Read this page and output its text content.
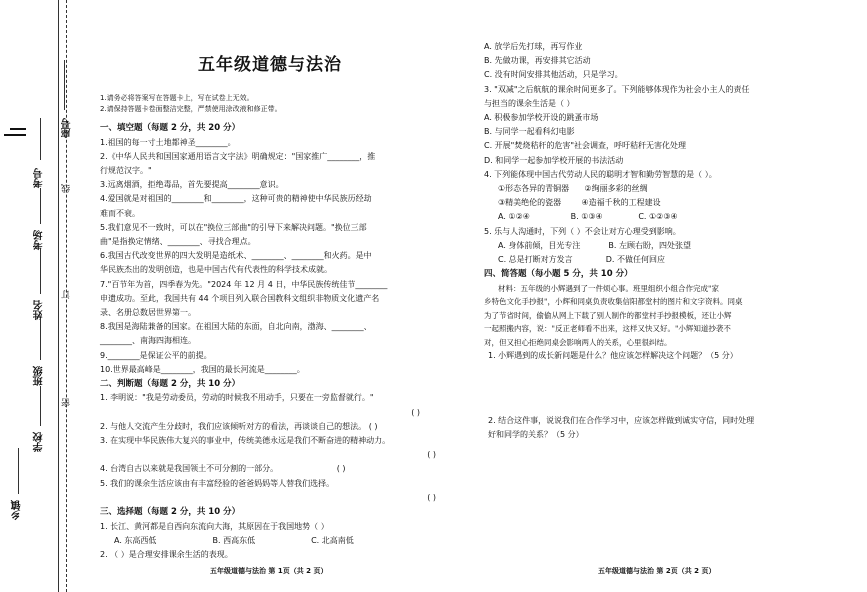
座号
考号
线
考场
姓名
订
班级
密
学校
乡镇
五年级道德与法治
1.请务必将答案写在答题卡上，写在试卷上无效。
2.请保持答题卡卷面整洁完整，严禁使用涂改液和修正带。
一、填空题（每题 2 分，共 20 分）
1.祖国的每一寸土地都神圣________。
2.《中华人民共和国国家通用语言文字法》明确规定："国家推广________，推
行规范汉字。"
3.远离烟酒，拒绝毒品，首先要提高________意识。
4.爱国就是对祖国的________和________，这种可贵的精神使中华民族历经劫
难而不衰。
5.我们意见不一致时，可以在"换位三部曲"的引导下来解决问题。"换位三部
曲"是指换定情绪、________、寻找合理点。
6.我国古代改变世界的四大发明是造纸术、________、________和火药。是中
华民族杰出的发明创造，也是中国古代有代表性的科学技术成就。
7."百节年为首，四季春为先。"2024 年 12 月 4 日，中华民族传统佳节________
申遗成功。至此，我国共有 44 个项目列入联合国教科文组织非物质文化遗产名
录、名册总数居世界第一。
8.我国是海陆兼备的国家。在祖国大陆的东面，自北向南，渤海、________、
________、南海四海相连。
9.________是保证公平的前提。
10.世界最高峰是________，我国的最长河流是________。
二、判断题（每题 2 分，共 10 分）
1. 李明说："我是劳动委员，劳动的时候我不用动手，只要在一旁监督就行。"
( )
2. 与他人交流产生分歧时，我们应该倾听对方的看法，再谈谈自己的想法。 ( )
3. 在实现中华民族伟大复兴的事业中，传统美德永远是我们不断奋进的精神动力。
( )
4. 台湾自古以来就是我国领土不可分割的一部分。	( )
5. 我们的课余生活应该由有丰富经验的爸爸妈妈等人替我们选择。
( )
三、选择题（每题 2 分，共 10 分）
1. 长江、黄河都是自西向东流向大海，其原因在于我国地势（ ）
A. 东高西低	B. 西高东低	C. 北高南低
2. （ ）是合理安排课余生活的表现。
五年级道德与法治 第 1页（共 2 页）
A. 放学后先打球，再写作业
B. 先做功课，再安排其它活动
C. 没有时间安排其他活动，只是学习。
3. "双减"之后航航的课余时间更多了。下列能够体现作为社会小主人的责任
与担当的课余生活是（ ）
A. 积极参加学校开设的跳蚤市场
B. 与同学一起看科幻电影
C. 开展"焚烧秸秆的危害"社会调查，呼吁秸秆无害化处理
D. 和同学一起参加学校开展的书法活动
4. 下列能体现中国古代劳动人民的聪明才智和勤劳智慧的是（ ）。
①形态各异的青铜器      ②绚丽多彩的丝绸
③精美绝伦的瓷器        ④造福千秋的工程建设
A. ①②④                B. ①③④              C. ①②③④
5. 乐与人沟通时，下列（ ）不会让对方心理受到影响。
A. 身体前倾，目光专注           B. 左顾右盼，四处张望
C. 总是打断对方发言             D. 不做任何回应
四、简答题（每小题 5 分，共 10 分）
材料：五年级的小辉遇到了一件烦心事。班里组织小组合作完成"家
乡特色文化手抄报"，小辉和同桌负责收集信阳都堂村的图片和文字资料。同桌
为了节省时间，偷偷从网上下载了别人制作的都堂村手抄报模板，还让小辉
一起照搬内容，说："反正老师看不出来，这样又快又好。"小辉知道抄袭不
对，但又担心拒绝同桌会影响两人的关系，心里很纠结。
1. 小辉遇到的成长新问题是什么？他应该怎样解决这个问题？（5 分）
2. 结合这件事，说说我们在合作学习中，应该怎样做到诚实守信，同时处理
好和同学的关系？（5 分）
五年级道德与法治 第 2页（共 2 页）
